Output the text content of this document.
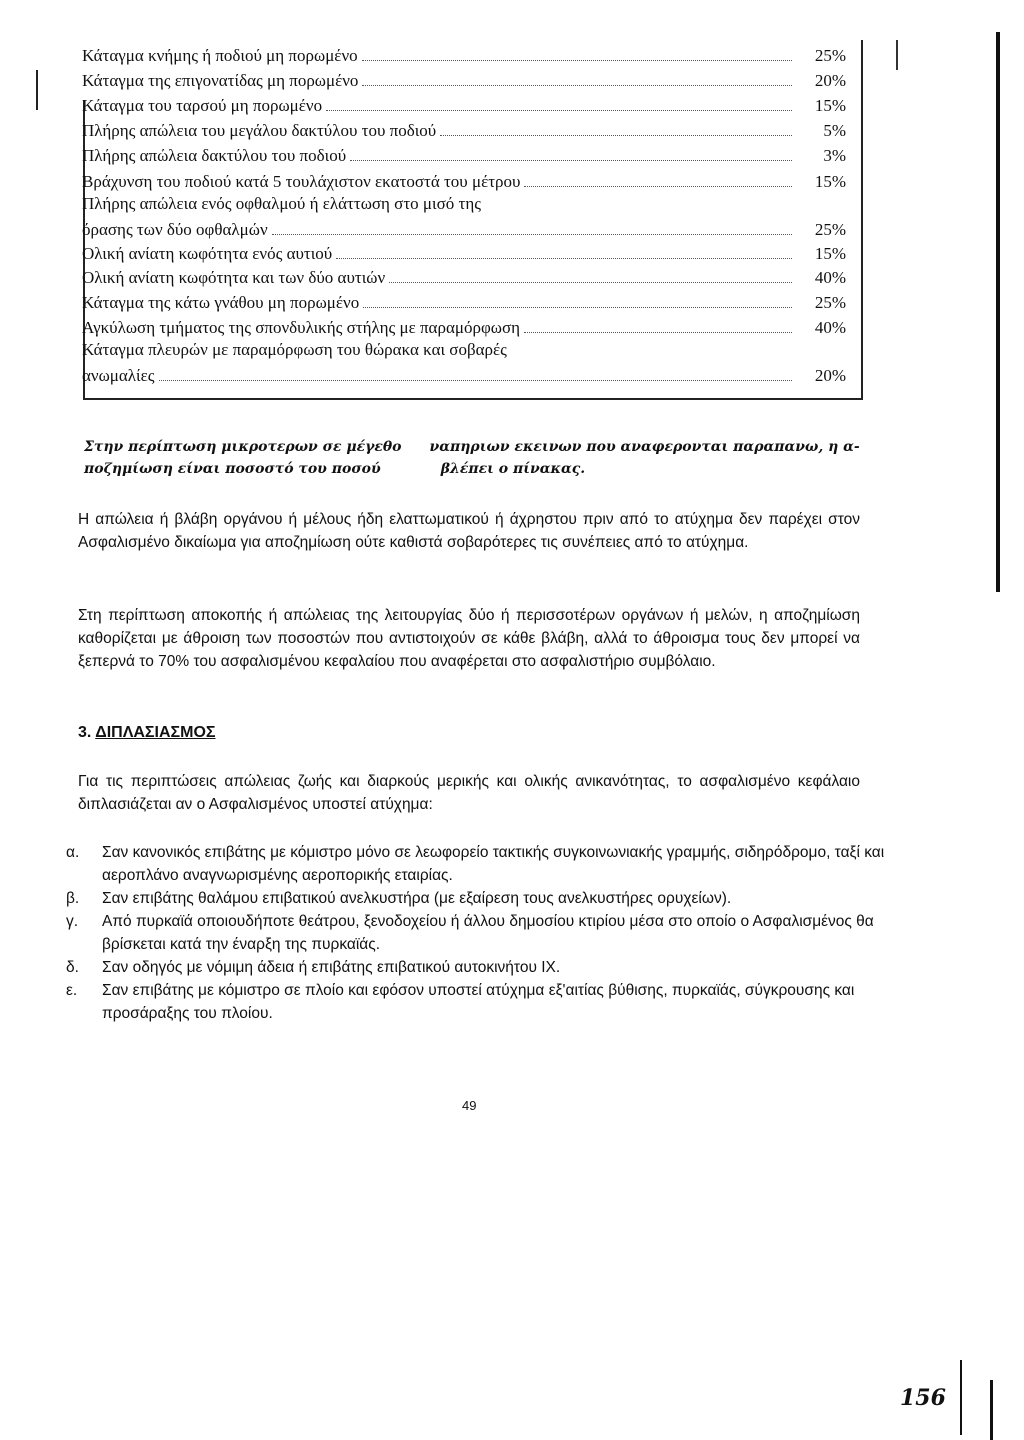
Κάταγμα κνήμης ή ποδιού μη πορωμένο	25%
Κάταγμα της επιγονατίδας μη πορωμένο	20%
Κάταγμα του ταρσού μη πορωμένο	15%
Πλήρης απώλεια του μεγάλου δακτύλου του ποδιού	5%
Πλήρης απώλεια δακτύλου του ποδιού	3%
Βράχυνση του ποδιού κατά 5 τουλάχιστον εκατοστά του μέτρου	15%
Πλήρης απώλεια ενός οφθαλμού ή ελάττωση στο μισό της
όρασης των δύο οφθαλμών	25%
Ολική ανίατη κωφότητα ενός αυτιού	15%
Ολική ανίατη κωφότητα και των δύο αυτιών	40%
Κάταγμα της κάτω γνάθου μη πορωμένο	25%
Αγκύλωση τμήματος της σπονδυλικής στήλης με παραμόρφωση	40%
Κάταγμα πλευρών με παραμόρφωση του θώρακα και σοβαρές
ανωμαλίες	20%
Στην περίπτωση μικροτερων σε μέγεθο ναπηριων εκεινων που αναφερονται παραπανω, η α-
ποζημίωση είναι ποσοστό του ποσού	βλέπει ο πίνακας.
Η απώλεια ή βλάβη οργάνου ή μέλους ήδη ελαττωματικού ή άχρηστου πριν από το ατύχημα δεν παρέχει στον Ασφαλισμένο δικαίωμα για αποζημίωση ούτε καθιστά σοβαρότερες τις συνέπειες από το ατύχημα.
Στη περίπτωση αποκοπής ή απώλειας της λειτουργίας δύο ή περισσοτέρων οργάνων ή μελών, η αποζημίωση καθορίζεται με άθροιση των ποσοστών που αντιστοιχούν σε κάθε βλάβη, αλλά το άθροισμα τους δεν μπορεί να ξεπερνά το 70% του ασφαλισμένου κεφαλαίου που αναφέρεται στο ασφαλιστήριο συμβόλαιο.
3. ΔΙΠΛΑΣΙΑΣΜΟΣ
Για τις περιπτώσεις απώλειας ζωής και διαρκούς μερικής και ολικής ανικανότητας, το ασφαλισμένο κεφάλαιο διπλασιάζεται αν ο Ασφαλισμένος υποστεί ατύχημα:
α.	Σαν κανονικός επιβάτης με κόμιστρο μόνο σε λεωφορείο τακτικής συγκοινωνιακής γραμμής, σιδηρόδρομο, ταξί και αεροπλάνο αναγνωρισμένης αεροπορικής εταιρίας.
β.	Σαν επιβάτης θαλάμου επιβατικού ανελκυστήρα (με εξαίρεση τους ανελκυστήρες ορυχείων).
γ.	Από πυρκαϊά οποιουδήποτε θεάτρου, ξενοδοχείου ή άλλου δημοσίου κτιρίου μέσα στο οποίο ο Ασφαλισμένος θα βρίσκεται κατά την έναρξη της πυρκαϊάς.
δ.	Σαν οδηγός με νόμιμη άδεια ή επιβάτης επιβατικού αυτοκινήτου ΙΧ.
ε.	Σαν επιβάτης με κόμιστρο σε πλοίο και εφόσον υποστεί ατύχημα εξ'αιτίας βύθισης, πυρκαϊάς, σύγκρουσης και προσάραξης του πλοίου.
49
156
